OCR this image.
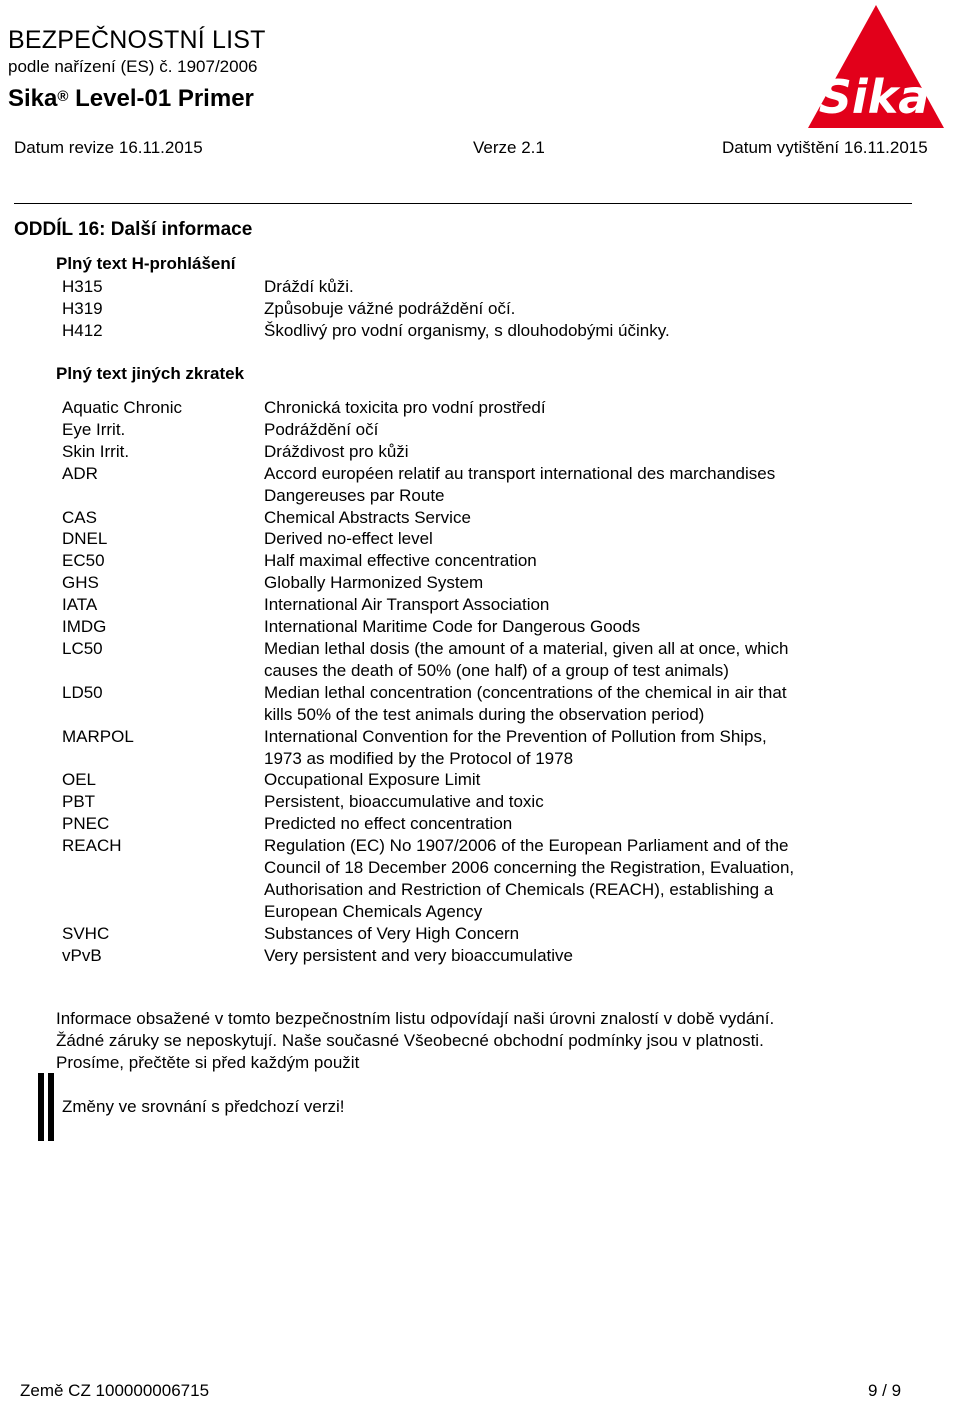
BEZPEČNOSTNÍ LIST
podle nařízení (ES) č. 1907/2006
Sika® Level-01 Primer
Datum revize 16.11.2015	Verze 2.1	Datum vytištění 16.11.2015
Sika
®
ODDÍL 16: Další informace
Plný text H-prohlášení
H315	Dráždí kůži.
H319	Způsobuje vážné podráždění očí.
H412	Škodlivý pro vodní organismy, s dlouhodobými účinky.
Plný text jiných zkratek
Aquatic Chronic	Chronická toxicita pro vodní prostředí
Eye Irrit.	Podráždění očí
Skin Irrit.	Dráždivost pro kůži
ADR	Accord européen relatif au transport international des marchandises
Dangereuses par Route
CAS	Chemical Abstracts Service
DNEL	Derived no-effect level
EC50	Half maximal effective concentration
GHS	Globally Harmonized System
IATA	International Air Transport Association
IMDG	International Maritime Code for Dangerous Goods
LC50	Median lethal dosis (the amount of a material, given all at once, which
causes the death of 50% (one half) of a group of test animals)
LD50	Median lethal concentration (concentrations of the chemical in air that
kills 50% of the test animals during the observation period)
MARPOL	International Convention for the Prevention of Pollution from Ships,
1973 as modified by the Protocol of 1978
OEL	Occupational Exposure Limit
PBT	Persistent, bioaccumulative and toxic
PNEC	Predicted no effect concentration
REACH	Regulation (EC) No 1907/2006 of the European Parliament and of the
Council of 18 December 2006 concerning the Registration, Evaluation,
Authorisation and Restriction of Chemicals (REACH), establishing a
European Chemicals Agency
SVHC	Substances of Very High Concern
vPvB	Very persistent and very bioaccumulative
Informace obsažené v tomto bezpečnostním listu odpovídají naši úrovni znalostí v době vydání.
Žádné záruky se neposkytují. Naše současné Všeobecné obchodní podmínky jsou v platnosti.
Prosíme, přečtěte si před každým použit
Změny ve srovnání s předchozí verzi!
Země CZ 100000006715	9 / 9
